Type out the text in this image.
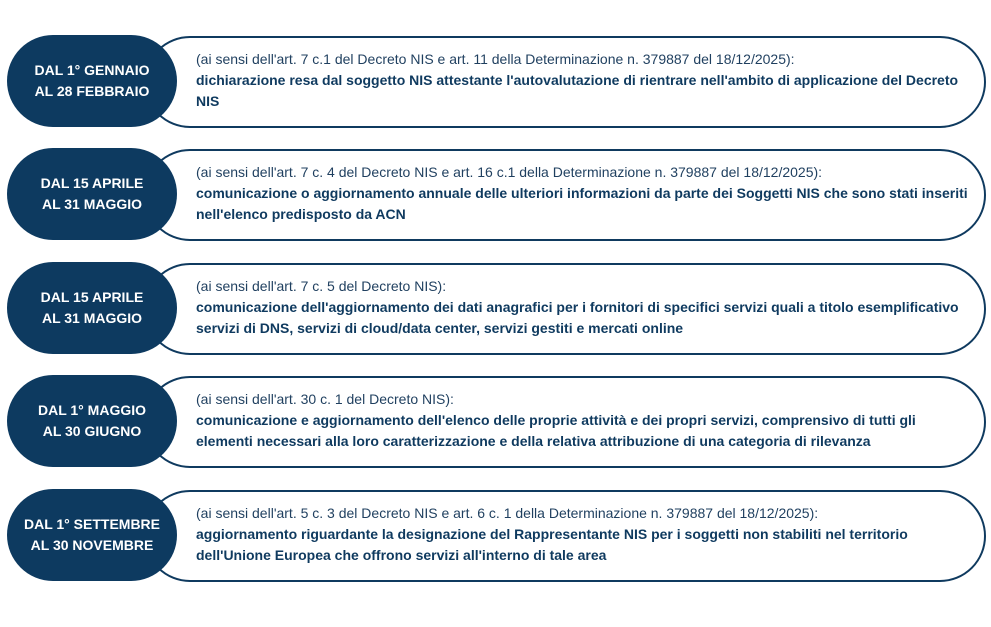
DAL 1° GENNAIO
AL 28 FEBBRAIO
(ai sensi dell'art. 7 c.1 del Decreto NIS e art. 11 della Determinazione n. 379887 del 18/12/2025):
dichiarazione resa dal soggetto NIS attestante l'autovalutazione di rientrare nell'ambito di applicazione del Decreto NIS
DAL 15 APRILE
AL 31 MAGGIO
(ai sensi dell'art. 7 c. 4 del Decreto NIS e art. 16 c.1 della Determinazione n. 379887 del 18/12/2025):
comunicazione o aggiornamento annuale delle ulteriori informazioni da parte dei Soggetti NIS che sono stati inseriti nell'elenco predisposto da ACN
DAL 15 APRILE
AL 31 MAGGIO
(ai sensi dell'art. 7 c. 5 del Decreto NIS):
comunicazione dell'aggiornamento dei dati anagrafici per i fornitori di specifici servizi quali a titolo esemplificativo servizi di DNS, servizi di cloud/data center, servizi gestiti e mercati online
DAL 1° MAGGIO
AL 30 GIUGNO
(ai sensi dell'art. 30 c. 1 del Decreto NIS):
comunicazione e aggiornamento dell'elenco delle proprie attività e dei propri servizi, comprensivo di tutti gli elementi necessari alla loro caratterizzazione e della relativa attribuzione di una categoria di rilevanza
DAL 1° SETTEMBRE
AL 30 NOVEMBRE
(ai sensi dell'art. 5 c. 3 del Decreto NIS e art. 6 c. 1 della Determinazione n. 379887 del 18/12/2025):
aggiornamento riguardante la designazione del Rappresentante NIS per i soggetti non stabiliti nel territorio dell'Unione Europea che offrono servizi all'interno di tale area
